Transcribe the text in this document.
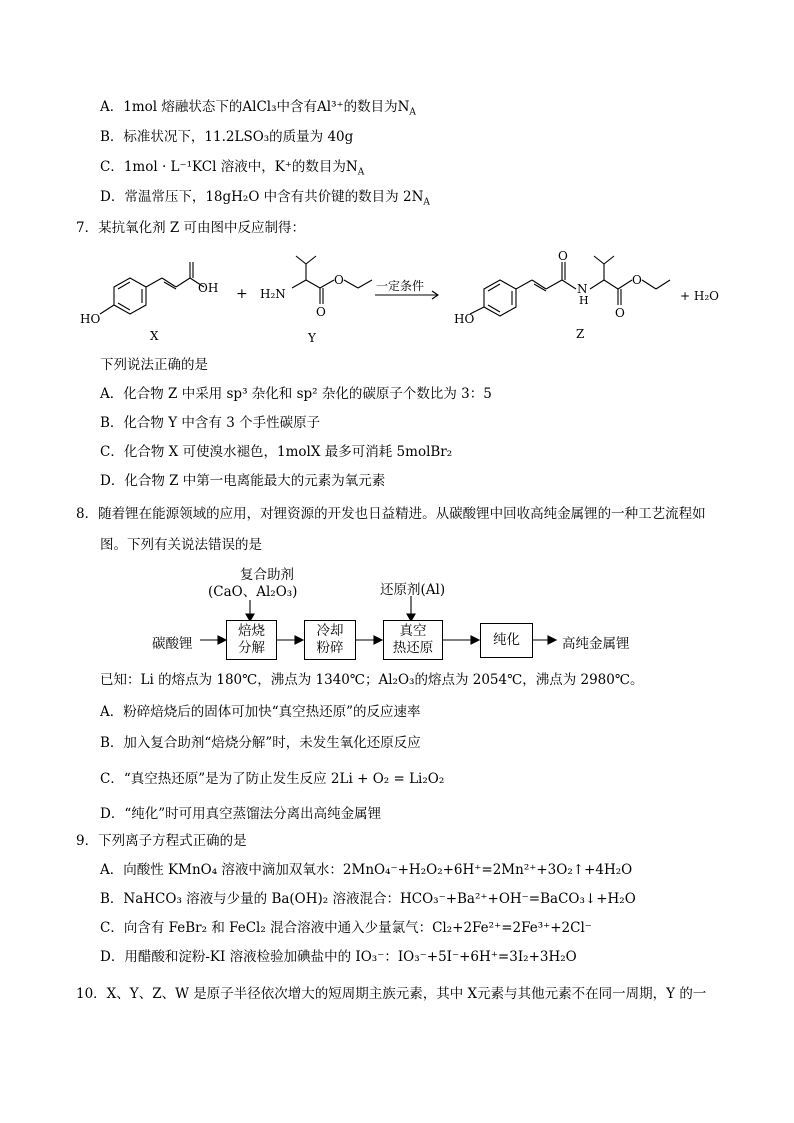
A．1mol 熔融状态下的AlCl₃中含有Al³⁺的数目为$N_A$
B．标准状况下，11.2LSO₃的质量为 40g
C．1mol · L⁻¹KCl 溶液中，K⁺的数目为$N_A$
D．常温常压下，18gH₂O 中含有共价键的数目为 $2N_A$
7．某抗氧化剂 Z 可由图中反应制得：
OH
HO
+ H₂N
O
O
X	Y
一定条件
HO
O
N
H
O
O
Z
+ H₂O
下列说法正确的是
A．化合物 Z 中采用 sp³ 杂化和 sp² 杂化的碳原子个数比为 3：5
B．化合物 Y 中含有 3 个手性碳原子
C．化合物 X 可使溴水褪色，1molX 最多可消耗 5molBr₂
D．化合物 Z 中第一电离能最大的元素为氧元素
8．随着锂在能源领域的应用，对锂资源的开发也日益精进。从碳酸锂中回收高纯金属锂的一种工艺流程如
图。下列有关说法错误的是
复合助剂
(CaO、Al₂O₃)	还原剂(Al)
碳酸锂
焙烧
分解
冷却
粉碎
真空
热还原	纯化	高纯金属锂
已知：Li 的熔点为 180℃，沸点为 1340℃；Al₂O₃的熔点为 2054℃，沸点为 2980℃。
A．粉碎焙烧后的固体可加快“真空热还原”的反应速率
B．加入复合助剂“焙烧分解”时，未发生氧化还原反应
C．“真空热还原”是为了防止发生反应 2Li + O₂ = Li₂O₂
D．“纯化”时可用真空蒸馏法分离出高纯金属锂
9．下列离子方程式正确的是
A．向酸性 KMnO₄ 溶液中滴加双氧水：2MnO₄⁻+H₂O₂+6H⁺=2Mn²⁺+3O₂↑+4H₂O
B．NaHCO₃ 溶液与少量的 Ba(OH)₂ 溶液混合：HCO₃⁻+Ba²⁺+OH⁻=BaCO₃↓+H₂O
C．向含有 FeBr₂ 和 FeCl₂ 混合溶液中通入少量氯气：Cl₂+2Fe²⁺=2Fe³⁺+2Cl⁻
D．用醋酸和淀粉-KI 溶液检验加碘盐中的 IO₃⁻：IO₃⁻+5I⁻+6H⁺=3I₂+3H₂O
10．X、Y、Z、W 是原子半径依次增大的短周期主族元素，其中 X元素与其他元素不在同一周期，Y 的一
